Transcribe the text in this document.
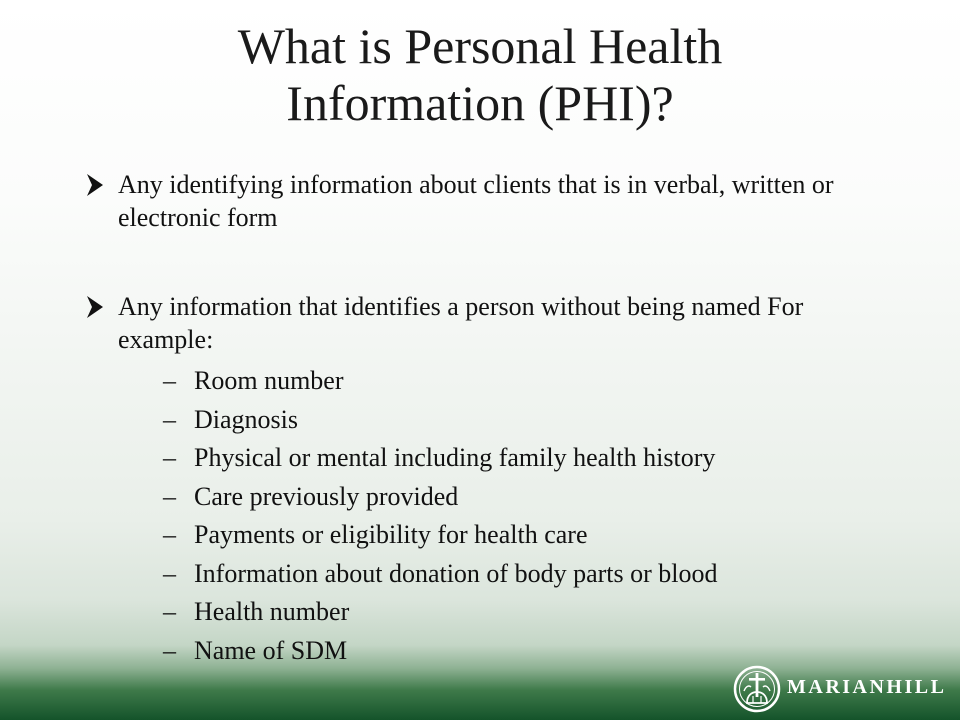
What is Personal Health
Information (PHI)?
Any identifying information about clients that is in verbal, written or electronic form
Any information that identifies a person without being named For example:
– Room number
– Diagnosis
– Physical or mental including family health history
– Care previously provided
– Payments or eligibility for health care
– Information about donation of body parts or blood
– Health number
– Name of SDM
MARIANHILL
